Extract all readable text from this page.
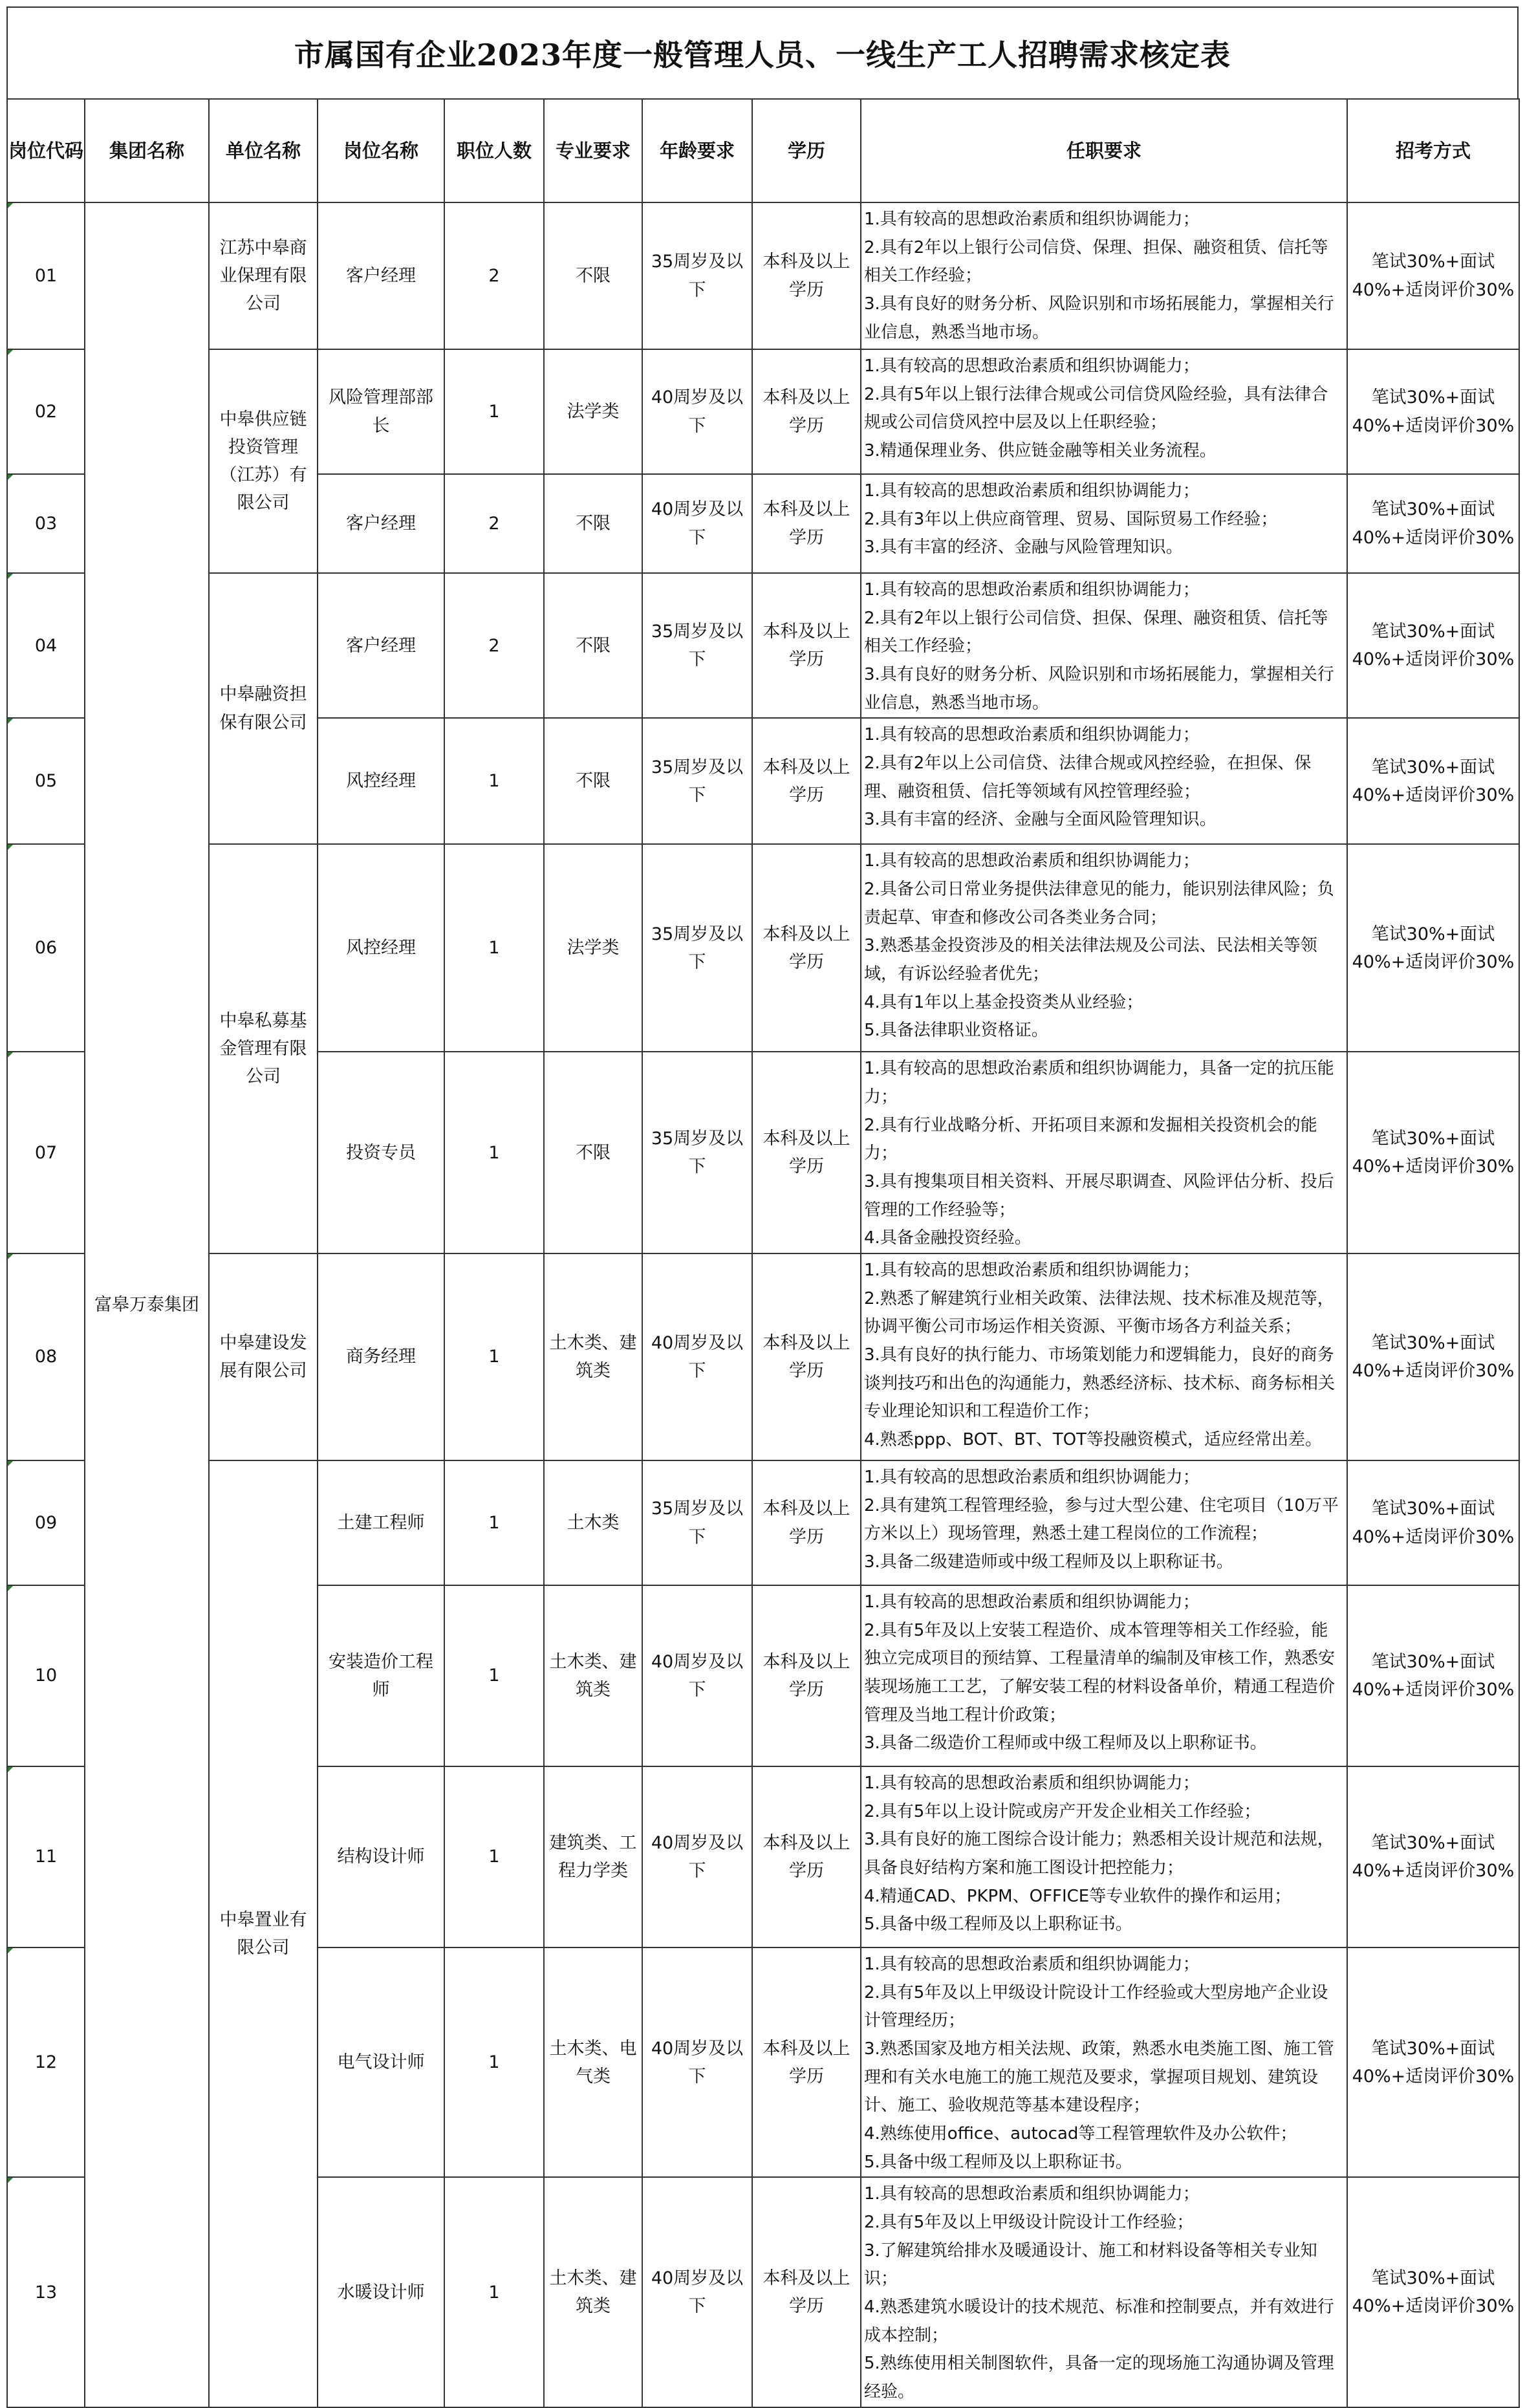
市属国有企业2023年度一般管理人员、一线生产工人招聘需求核定表
岗位代码	集团名称	单位名称	岗位名称	职位人数	专业要求	年龄要求	学历	任职要求	招考方式
01	富皋万泰集团	江苏中皋商业保理有限公司	客户经理	2	不限	35周岁及以下	本科及以上学历	1.具有较高的思想政治素质和组织协调能力；
2.具有2年以上银行公司信贷、保理、担保、融资租赁、信托等相关工作经验；
3.具有良好的财务分析、风险识别和市场拓展能力，掌握相关行业信息，熟悉当地市场。	笔试30%+面试40%+适岗评价30%
02		中皋供应链投资管理（江苏）有限公司	风险管理部部长	1	法学类	40周岁及以下	本科及以上学历	1.具有较高的思想政治素质和组织协调能力；
2.具有5年以上银行法律合规或公司信贷风险经验，具有法律合规或公司信贷风控中层及以上任职经验；
3.精通保理业务、供应链金融等相关业务流程。	笔试30%+面试40%+适岗评价30%
03			客户经理	2	不限	40周岁及以下	本科及以上学历	1.具有较高的思想政治素质和组织协调能力；
2.具有3年以上供应商管理、贸易、国际贸易工作经验；
3.具有丰富的经济、金融与风险管理知识。	笔试30%+面试40%+适岗评价30%
04		中皋融资担保有限公司	客户经理	2	不限	35周岁及以下	本科及以上学历	1.具有较高的思想政治素质和组织协调能力；
2.具有2年以上银行公司信贷、担保、保理、融资租赁、信托等相关工作经验；
3.具有良好的财务分析、风险识别和市场拓展能力，掌握相关行业信息，熟悉当地市场。	笔试30%+面试40%+适岗评价30%
05			风控经理	1	不限	35周岁及以下	本科及以上学历	1.具有较高的思想政治素质和组织协调能力；
2.具有2年以上公司信贷、法律合规或风控经验，在担保、保理、融资租赁、信托等领域有风控管理经验；
3.具有丰富的经济、金融与全面风险管理知识。	笔试30%+面试40%+适岗评价30%
06		中皋私募基金管理有限公司	风控经理	1	法学类	35周岁及以下	本科及以上学历	1.具有较高的思想政治素质和组织协调能力；
2.具备公司日常业务提供法律意见的能力，能识别法律风险；负责起草、审查和修改公司各类业务合同；
3.熟悉基金投资涉及的相关法律法规及公司法、民法相关等领域，有诉讼经验者优先；
4.具有1年以上基金投资类从业经验；
5.具备法律职业资格证。	笔试30%+面试40%+适岗评价30%
07			投资专员	1	不限	35周岁及以下	本科及以上学历	1.具有较高的思想政治素质和组织协调能力，具备一定的抗压能力；
2.具有行业战略分析、开拓项目来源和发掘相关投资机会的能力；
3.具有搜集项目相关资料、开展尽职调查、风险评估分析、投后管理的工作经验等；
4.具备金融投资经验。	笔试30%+面试40%+适岗评价30%
08		中皋建设发展有限公司	商务经理	1	土木类、建筑类	40周岁及以下	本科及以上学历	1.具有较高的思想政治素质和组织协调能力；
2.熟悉了解建筑行业相关政策、法律法规、技术标准及规范等，协调平衡公司市场运作相关资源、平衡市场各方利益关系；
3.具有良好的执行能力、市场策划能力和逻辑能力，良好的商务谈判技巧和出色的沟通能力，熟悉经济标、技术标、商务标相关专业理论知识和工程造价工作；
4.熟悉ppp、BOT、BT、TOT等投融资模式，适应经常出差。	笔试30%+面试40%+适岗评价30%
09		中皋置业有限公司	土建工程师	1	土木类	35周岁及以下	本科及以上学历	1.具有较高的思想政治素质和组织协调能力；
2.具有建筑工程管理经验，参与过大型公建、住宅项目（10万平方米以上）现场管理，熟悉土建工程岗位的工作流程；
3.具备二级建造师或中级工程师及以上职称证书。	笔试30%+面试40%+适岗评价30%
10			安装造价工程师	1	土木类、建筑类	40周岁及以下	本科及以上学历	1.具有较高的思想政治素质和组织协调能力；
2.具有5年及以上安装工程造价、成本管理等相关工作经验，能独立完成项目的预结算、工程量清单的编制及审核工作，熟悉安装现场施工工艺，了解安装工程的材料设备单价，精通工程造价管理及当地工程计价政策；
3.具备二级造价工程师或中级工程师及以上职称证书。	笔试30%+面试40%+适岗评价30%
11			结构设计师	1	建筑类、工程力学类	40周岁及以下	本科及以上学历	1.具有较高的思想政治素质和组织协调能力；
2.具有5年以上设计院或房产开发企业相关工作经验；
3.具有良好的施工图综合设计能力；熟悉相关设计规范和法规，具备良好结构方案和施工图设计把控能力；
4.精通CAD、PKPM、OFFICE等专业软件的操作和运用；
5.具备中级工程师及以上职称证书。	笔试30%+面试40%+适岗评价30%
12			电气设计师	1	土木类、电气类	40周岁及以下	本科及以上学历	1.具有较高的思想政治素质和组织协调能力；
2.具有5年及以上甲级设计院设计工作经验或大型房地产企业设计管理经历；
3.熟悉国家及地方相关法规、政策，熟悉水电类施工图、施工管理和有关水电施工的施工规范及要求，掌握项目规划、建筑设计、施工、验收规范等基本建设程序；
4.熟练使用office、autocad等工程管理软件及办公软件；
5.具备中级工程师及以上职称证书。	笔试30%+面试40%+适岗评价30%
13			水暖设计师	1	土木类、建筑类	40周岁及以下	本科及以上学历	1.具有较高的思想政治素质和组织协调能力；
2.具有5年及以上甲级设计院设计工作经验；
3.了解建筑给排水及暖通设计、施工和材料设备等相关专业知识；
4.熟悉建筑水暖设计的技术规范、标准和控制要点，并有效进行成本控制；
5.熟练使用相关制图软件，具备一定的现场施工沟通协调及管理经验。	笔试30%+面试40%+适岗评价30%
